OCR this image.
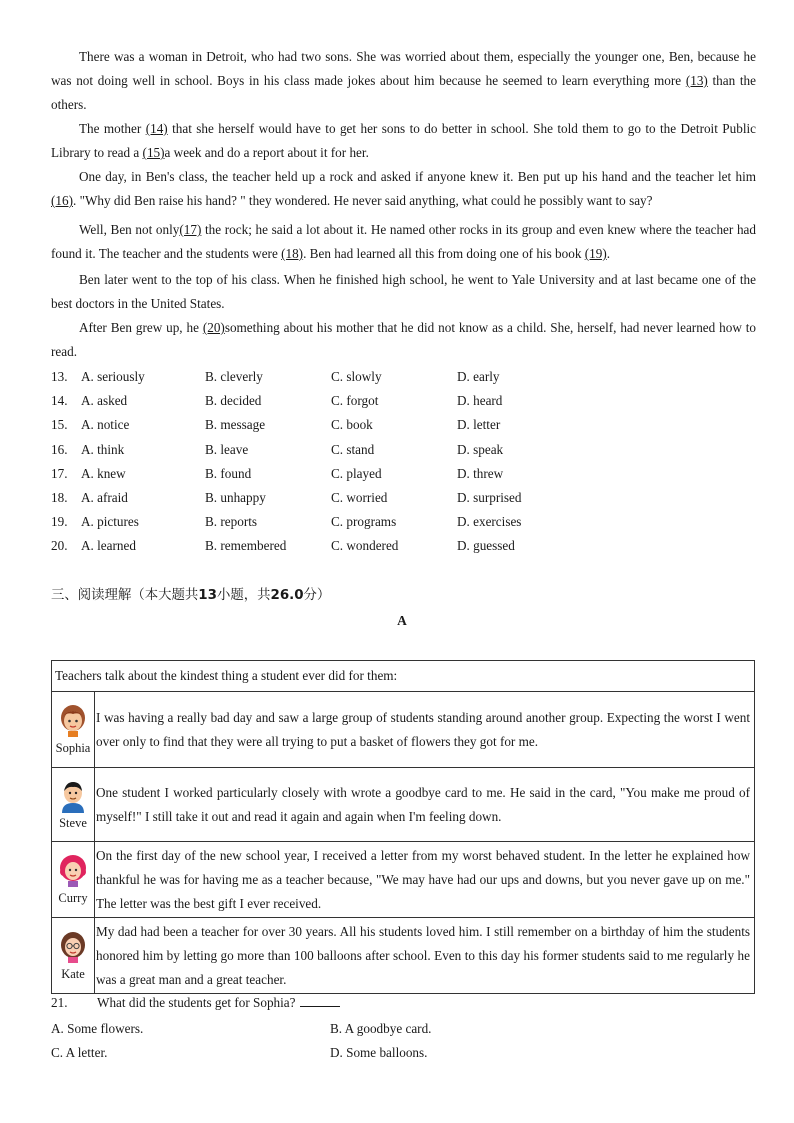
There was a woman in Detroit, who had two sons. She was worried about them, especially the younger one, Ben, because he was not doing well in school. Boys in his class made jokes about him because he seemed to learn everything more (13) than the others.

The mother (14) that she herself would have to get her sons to do better in school. She told them to go to the Detroit Public Library to read a (15)a week and do a report about it for her.

One day, in Ben's class, the teacher held up a rock and asked if anyone knew it. Ben put up his hand and the teacher let him (16). "Why did Ben raise his hand? " they wondered. He never said anything, what could he possibly want to say?

Well, Ben not only(17) the rock; he said a lot about it. He named other rocks in its group and even knew where the teacher had found it. The teacher and the students were (18). Ben had learned all this from doing one of his book (19).

Ben later went to the top of his class. When he finished high school, he went to Yale University and at last became one of the best doctors in the United States.

After Ben grew up, he (20)something about his mother that he did not know as a child. She, herself, had never learned how to read.

13. A. seriously	B. cleverly	C. slowly	D. early
14. A. asked	B. decided	C. forgot	D. heard
15. A. notice	B. message	C. book	D. letter
16. A. think	B. leave	C. stand	D. speak
17. A. knew	B. found	C. played	D. threw
18. A. afraid	B. unhappy	C. worried	D. surprised
19. A. pictures	B. reports	C. programs	D. exercises
20. A. learned	B. remembered	C. wondered	D. guessed
三、阅读理解（本大题共13小题，共26.0分）
A
Teachers talk about the kindest thing a student ever did for them:	

Sophia	I was having a really bad day and saw a large group of students standing around another group. Expecting the worst I went over only to find that they were all trying to put a basket of flowers they got for me.

Steve	One student I worked particularly closely with wrote a goodbye card to me. He said in the card, "You make me proud of myself!" I still take it out and read it again and again when I'm feeling down.

Curry	On the first day of the new school year, I received a letter from my worst behaved student. In the letter he explained how thankful he was for having me as a teacher because, "We may have had our ups and downs, but you never gave up on me." The letter was the best gift I ever received.

Kate	My dad had been a teacher for over 30 years. All his students loved him. I still remember on a birthday of him the students honored him by letting go more than 100 balloons after school. Even to this day his former students said to me regularly he was a great man and a great teacher.
21. What did the students get for Sophia?
A. Some flowers.	B. A goodbye card.
C. A letter.	D. Some balloons.
